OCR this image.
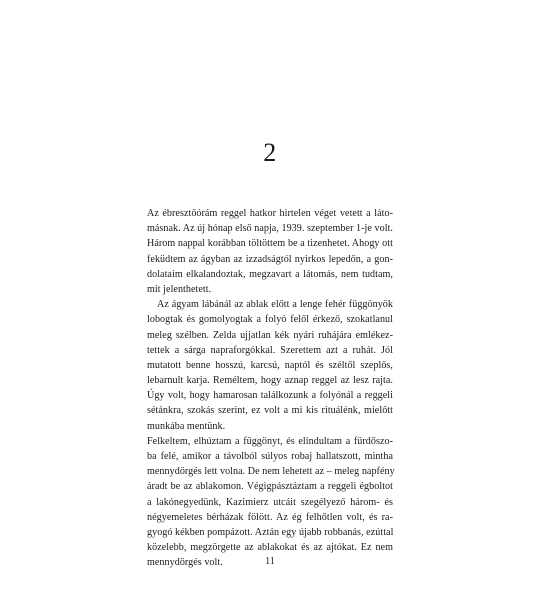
2
Az ébresztőórám reggel hatkor hirtelen véget vetett a láto-
másnak. Az új hónap első napja, 1939. szeptember 1-je volt.
Három nappal korábban töltöttem be a tizenhetet. Ahogy ott
feküdtem az ágyban az izzadságtól nyirkos lepedőn, a gon-
dolataim elkalandoztak, megzavart a látomás, nem tudtam,
mit jelenthetett.
Az ágyam lábánál az ablak előtt a lenge fehér függönyök
lobogtak és gomolyogtak a folyó felől érkező, szokatlanul
meleg szélben. Zelda ujjatlan kék nyári ruhájára emlékez-
tettek a sárga napraforgókkal. Szerettem azt a ruhát. Jól
mutatott benne hosszú, karcsú, naptól és széltől szeplős,
lebarnult karja. Reméltem, hogy aznap reggel az lesz rajta.
Úgy volt, hogy hamarosan találkozunk a folyónál a reggeli
sétánkra, szokás szerint, ez volt a mi kis rituálénk, mielőtt
munkába mentünk.
Felkeltem, elhúztam a függönyt, és elindultam a fürdőszo-
ba felé, amikor a távolból súlyos robaj hallatszott, mintha
mennydörgés lett volna. De nem lehetett az – meleg napfény
áradt be az ablakomon. Végigpásztáztam a reggeli égboltot
a lakónegyedünk, Kazimierz utcáit szegélyező három- és
négyemeletes bérházak fölött. Az ég felhőtlen volt, és ra-
gyogó kékben pompázott. Aztán egy újabb robbanás, ezúttal
közelebb, megzörgette az ablakokat és az ajtókat. Ez nem
mennydörgés volt.	11
